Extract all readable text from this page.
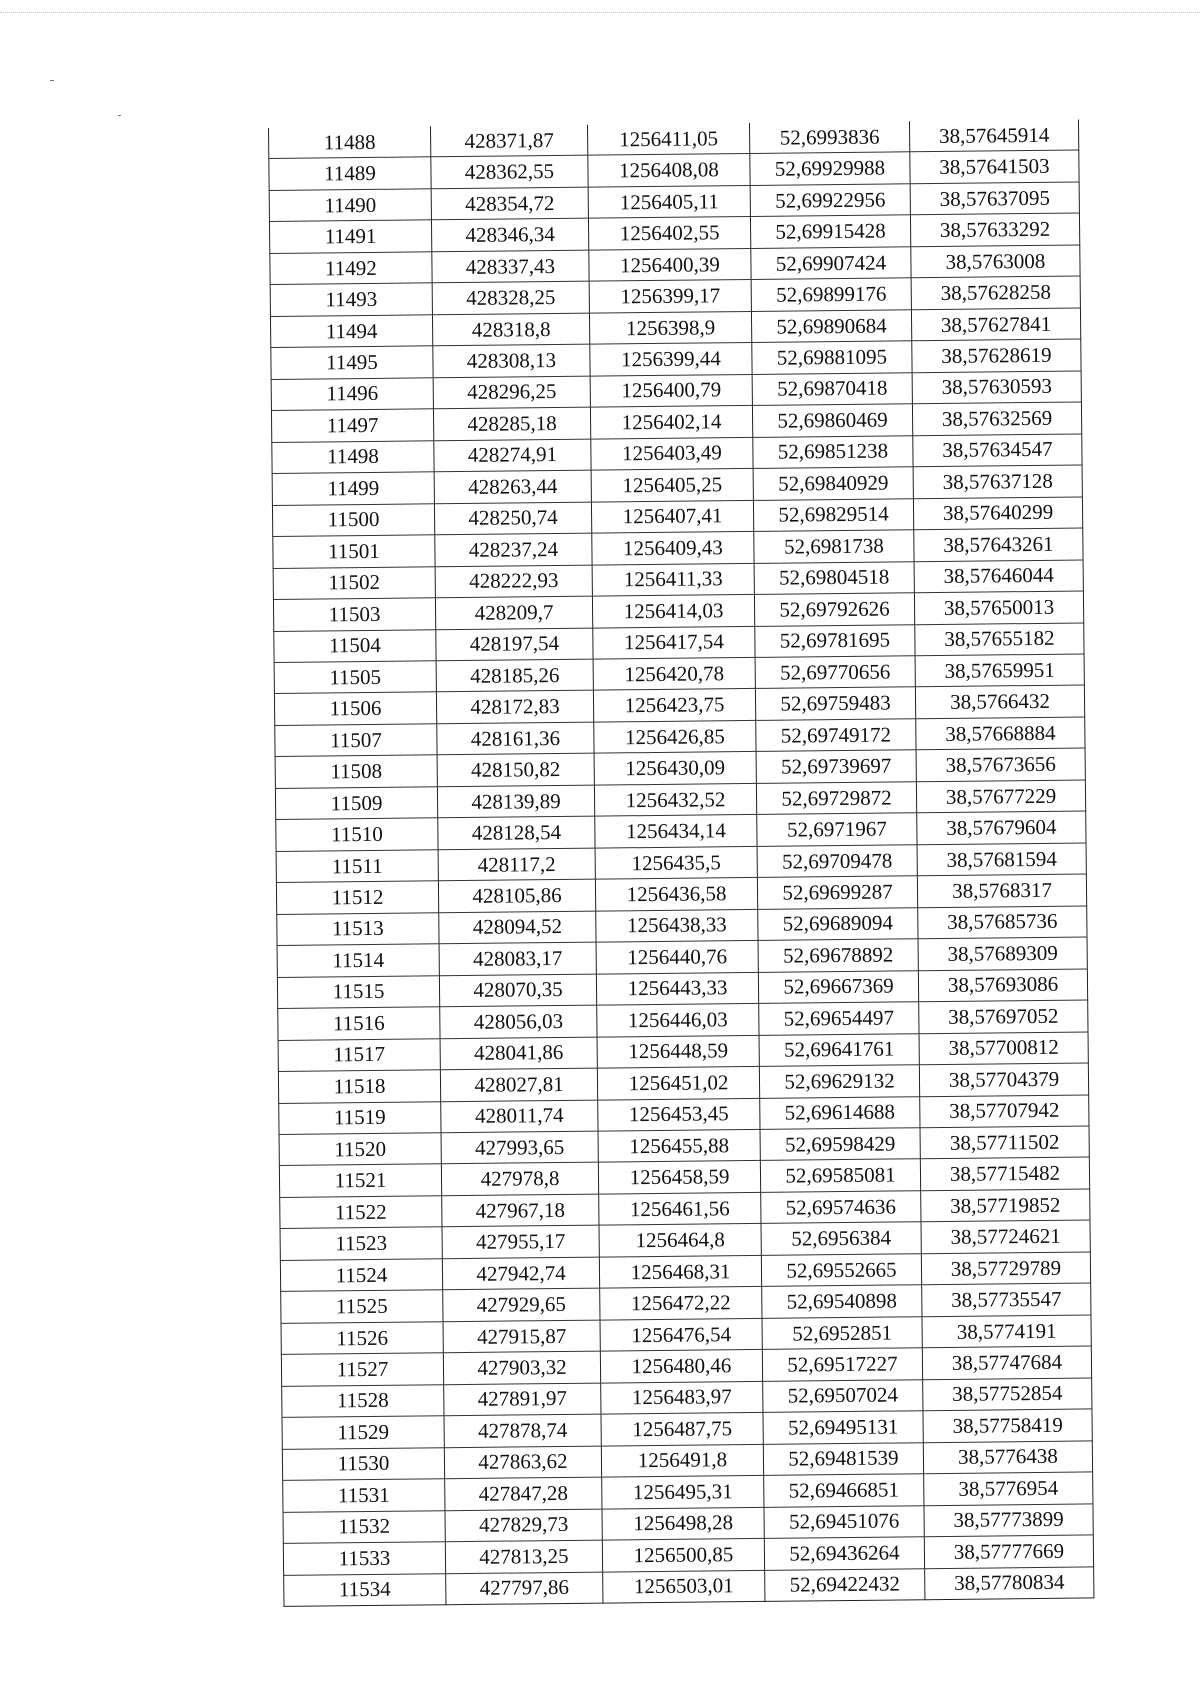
11488	428371,87	1256411,05	52,6993836	38,57645914
11489	428362,55	1256408,08	52,69929988	38,57641503
11490	428354,72	1256405,11	52,69922956	38,57637095
11491	428346,34	1256402,55	52,69915428	38,57633292
11492	428337,43	1256400,39	52,69907424	38,5763008
11493	428328,25	1256399,17	52,69899176	38,57628258
11494	428318,8	1256398,9	52,69890684	38,57627841
11495	428308,13	1256399,44	52,69881095	38,57628619
11496	428296,25	1256400,79	52,69870418	38,57630593
11497	428285,18	1256402,14	52,69860469	38,57632569
11498	428274,91	1256403,49	52,69851238	38,57634547
11499	428263,44	1256405,25	52,69840929	38,57637128
11500	428250,74	1256407,41	52,69829514	38,57640299
11501	428237,24	1256409,43	52,6981738	38,57643261
11502	428222,93	1256411,33	52,69804518	38,57646044
11503	428209,7	1256414,03	52,69792626	38,57650013
11504	428197,54	1256417,54	52,69781695	38,57655182
11505	428185,26	1256420,78	52,69770656	38,57659951
11506	428172,83	1256423,75	52,69759483	38,5766432
11507	428161,36	1256426,85	52,69749172	38,57668884
11508	428150,82	1256430,09	52,69739697	38,57673656
11509	428139,89	1256432,52	52,69729872	38,57677229
11510	428128,54	1256434,14	52,6971967	38,57679604
11511	428117,2	1256435,5	52,69709478	38,57681594
11512	428105,86	1256436,58	52,69699287	38,5768317
11513	428094,52	1256438,33	52,69689094	38,57685736
11514	428083,17	1256440,76	52,69678892	38,57689309
11515	428070,35	1256443,33	52,69667369	38,57693086
11516	428056,03	1256446,03	52,69654497	38,57697052
11517	428041,86	1256448,59	52,69641761	38,57700812
11518	428027,81	1256451,02	52,69629132	38,57704379
11519	428011,74	1256453,45	52,69614688	38,57707942
11520	427993,65	1256455,88	52,69598429	38,57711502
11521	427978,8	1256458,59	52,69585081	38,57715482
11522	427967,18	1256461,56	52,69574636	38,57719852
11523	427955,17	1256464,8	52,6956384	38,57724621
11524	427942,74	1256468,31	52,69552665	38,57729789
11525	427929,65	1256472,22	52,69540898	38,57735547
11526	427915,87	1256476,54	52,6952851	38,5774191
11527	427903,32	1256480,46	52,69517227	38,57747684
11528	427891,97	1256483,97	52,69507024	38,57752854
11529	427878,74	1256487,75	52,69495131	38,57758419
11530	427863,62	1256491,8	52,69481539	38,5776438
11531	427847,28	1256495,31	52,69466851	38,5776954
11532	427829,73	1256498,28	52,69451076	38,57773899
11533	427813,25	1256500,85	52,69436264	38,57777669
11534	427797,86	1256503,01	52,69422432	38,57780834
